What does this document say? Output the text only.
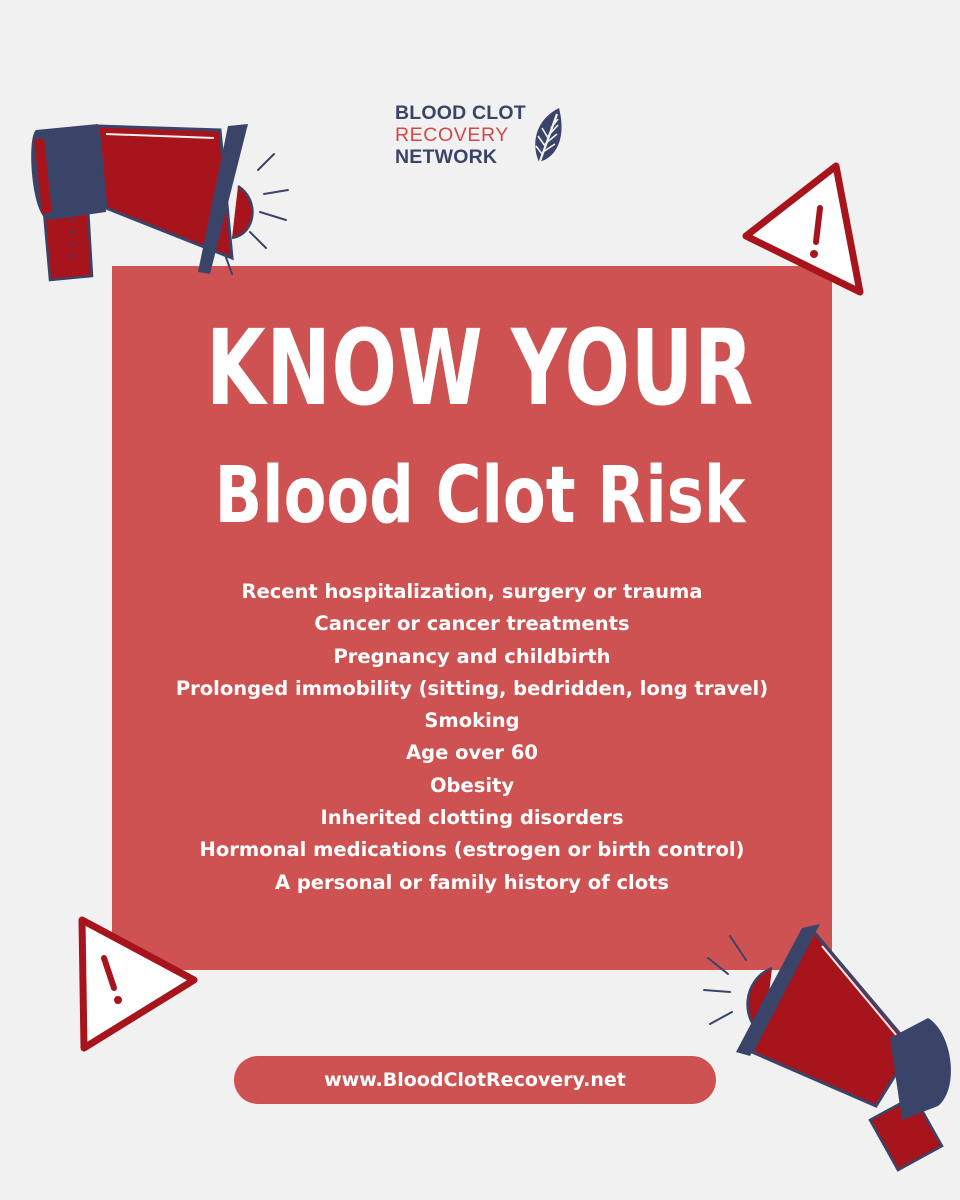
BLOOD CLOT
RECOVERY
NETWORK
KNOW YOUR
Blood Clot Risk
Recent hospitalization, surgery or trauma
Cancer or cancer treatments
Pregnancy and childbirth
Prolonged immobility (sitting, bedridden, long travel)
Smoking
Age over 60
Obesity
Inherited clotting disorders
Hormonal medications (estrogen or birth control)
A personal or family history of clots
www.BloodClotRecovery.net
